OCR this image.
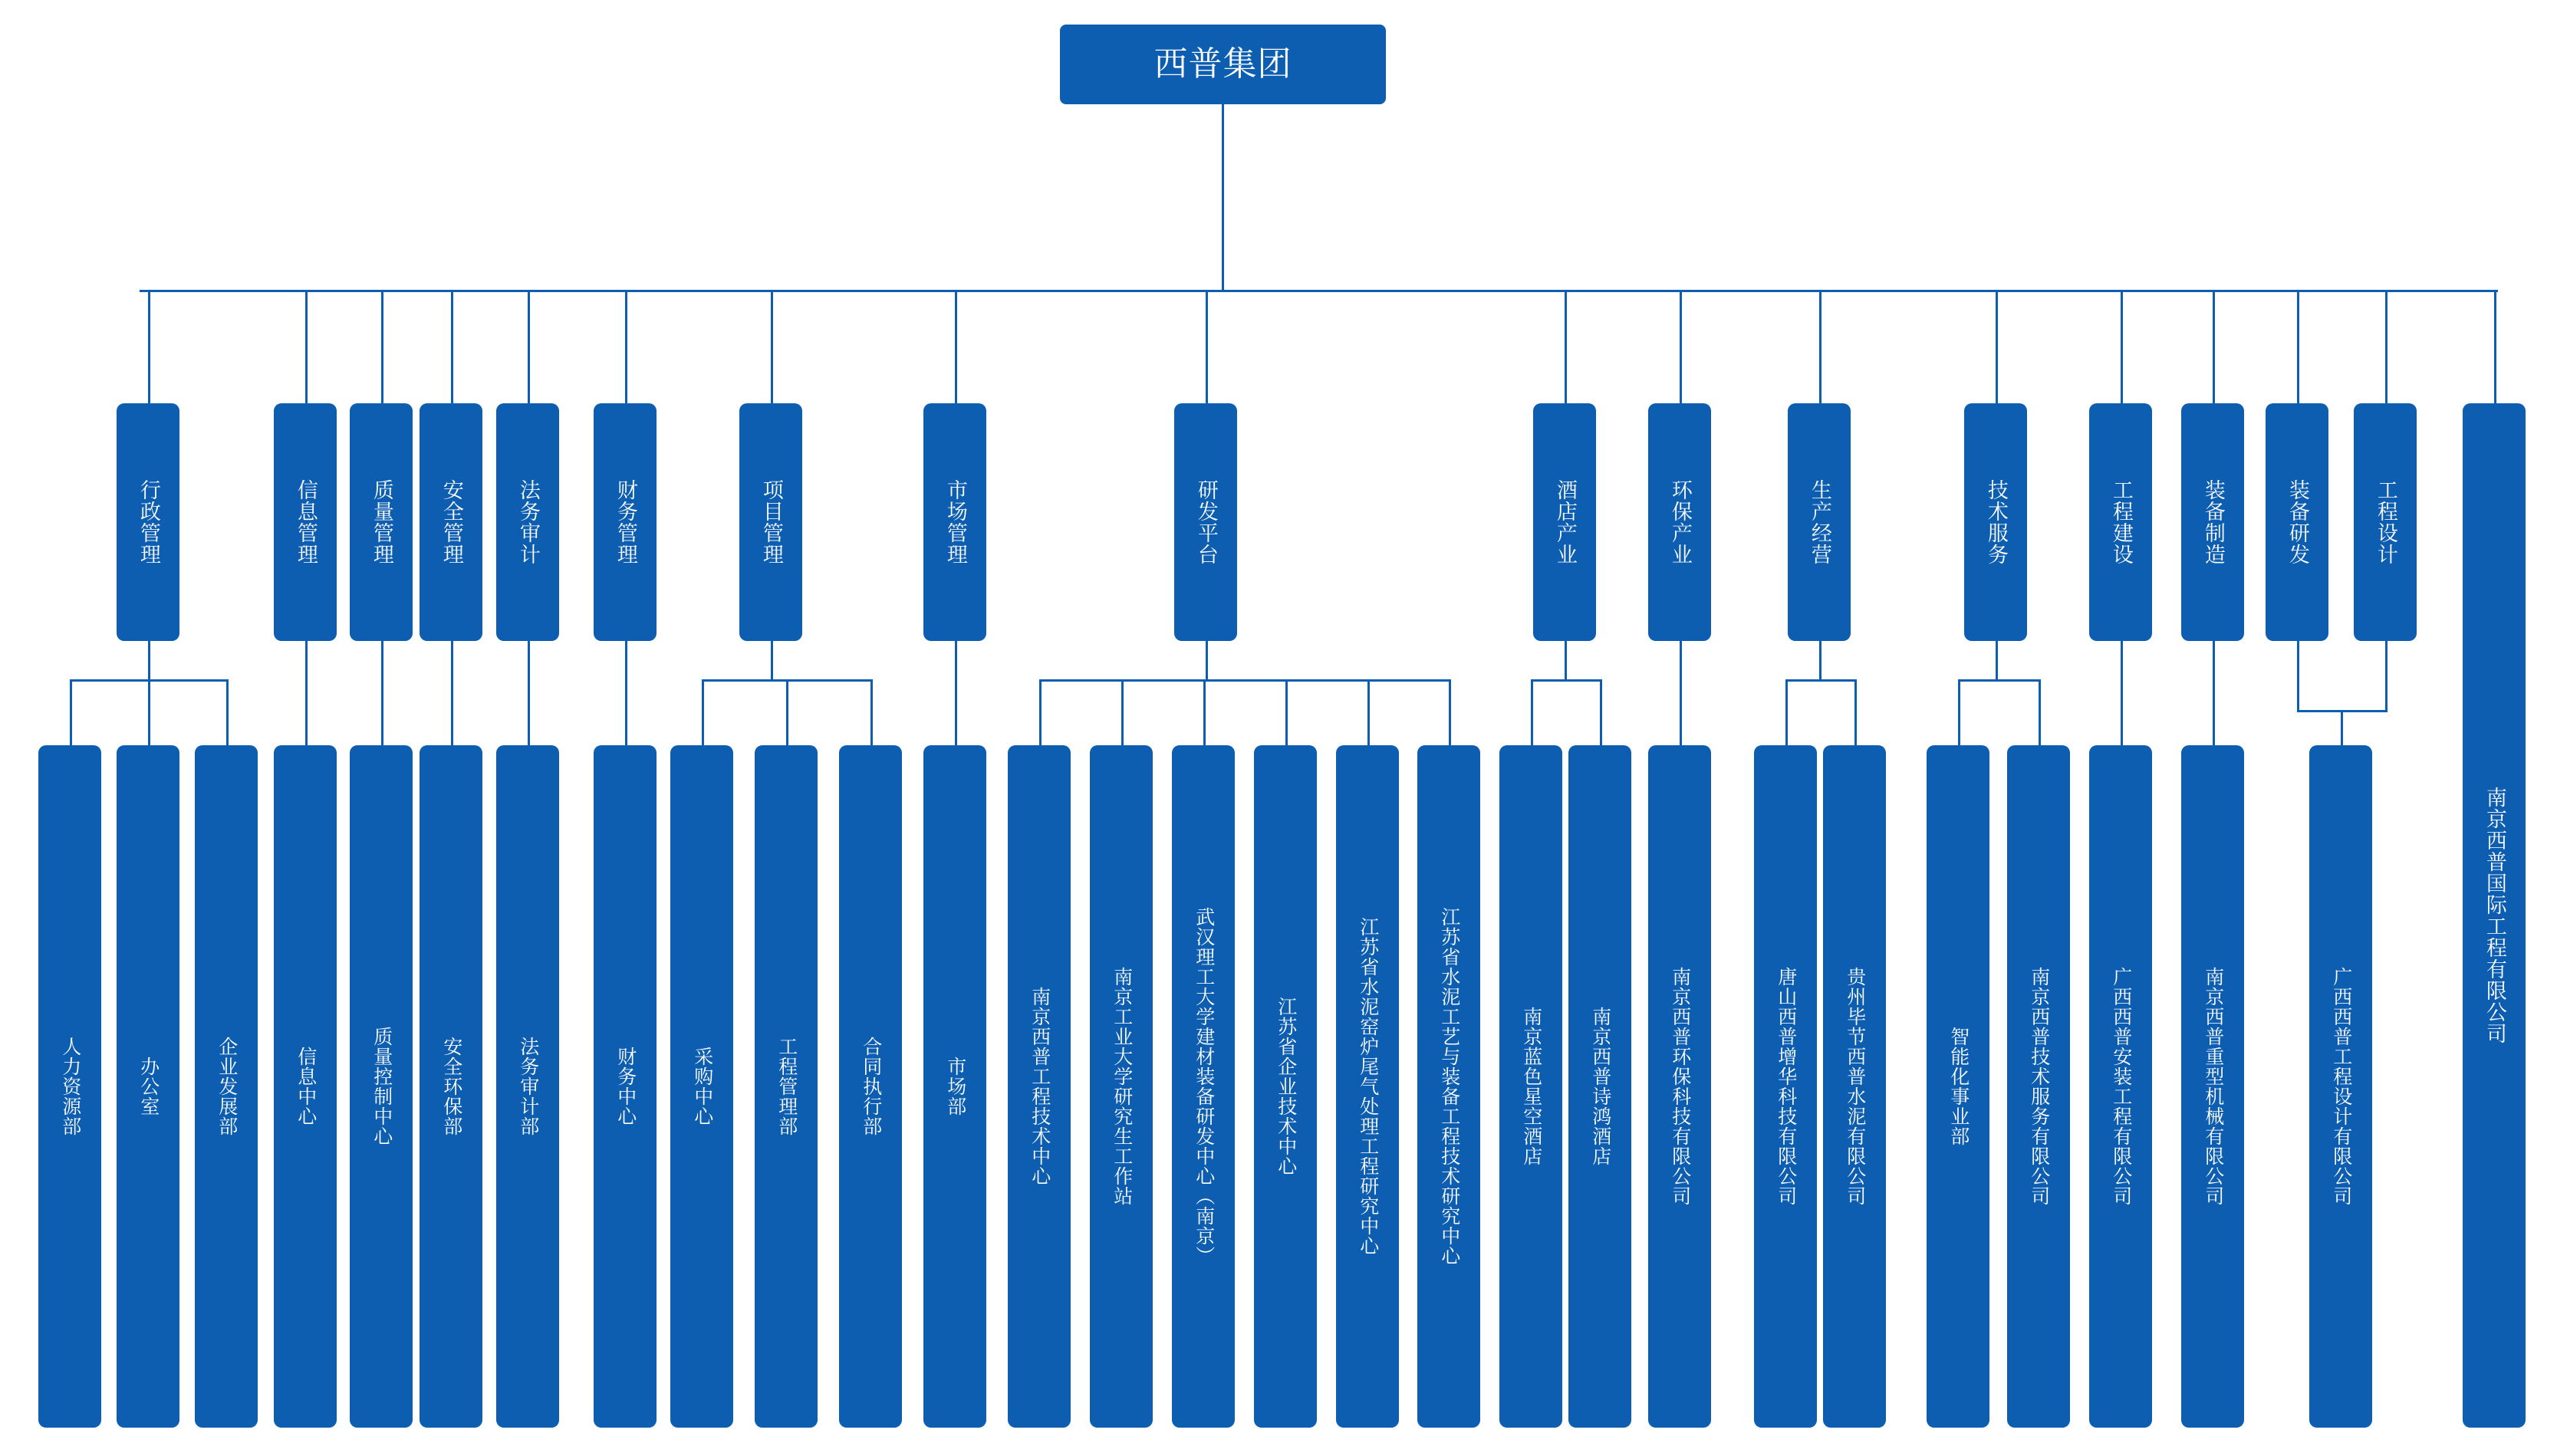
西普集团
行政管理	信息管理	质量管理 安全管理	法务审计	财务管理	项目管理	市场管理	研发平台	酒店产业	环保产业	生产经营	技术服务	工程建设	装备制造	装备研发	工程设计
南京西普国际工程有限公司
人力资源部	办公室	企业发展部	信息中心	质量控制中心	安全环保部	法务审计部	财务中心	采购中心	工程管理部	合同执行部	市场部	南京西普工程技术中心	南京工业大学研究生工作站	武汉理工大学建材装备研发中心（南京）	江苏省企业技术中心	江苏省水泥窑炉尾气处理工程研究中心	江苏省水泥工艺与装备工程技术研究中心	南京蓝色星空酒店 南京西普诗鸿酒店	南京西普环保科技有限公司	唐山西普增华科技有限公司 贵州毕节西普水泥有限公司	智能化事业部	南京西普技术服务有限公司	广西西普安装工程有限公司	南京西普重型机械有限公司	广西西普工程设计有限公司
